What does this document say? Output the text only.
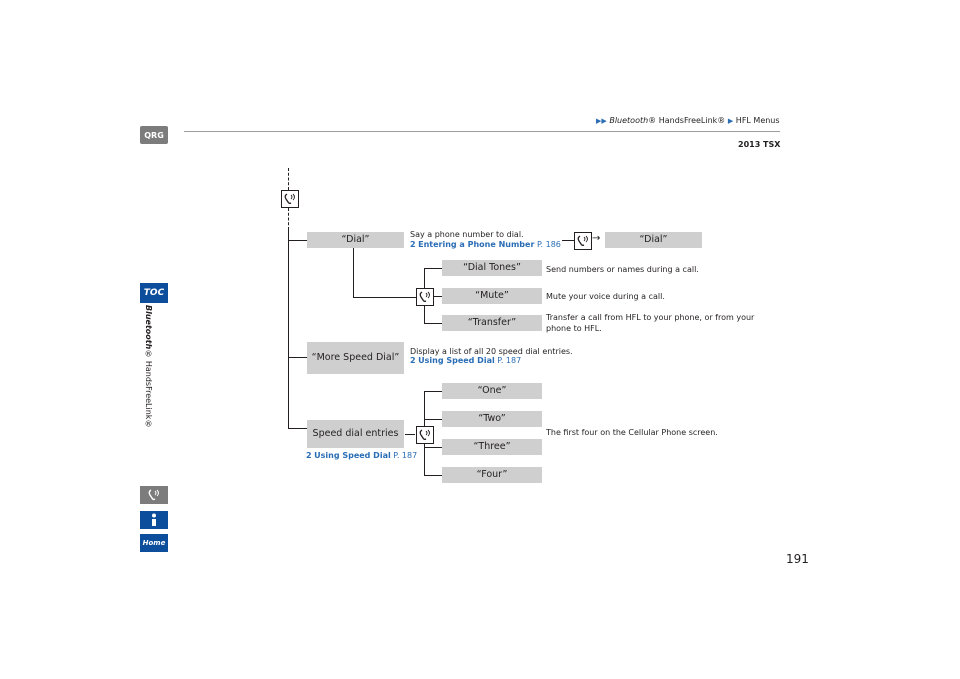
▶▶ Bluetooth® HandsFreeLink® ▶ HFL Menus
2013 TSX
QRG
TOC
Bluetooth® HandsFreeLink®
Home
191
→
“Dial”	“Dial”
“Dial Tones”
“Mute”
“Transfer”
“More Speed Dial”
Speed dial entries
“One”
“Two”
“Three”
“Four”
Say a phone number to dial.
2 Entering a Phone Number P. 186
Send numbers or names during a call.
Mute your voice during a call.
Transfer a call from HFL to your phone, or from your phone to HFL.
Display a list of all 20 speed dial entries.
2 Using Speed Dial P. 187
2 Using Speed Dial P. 187
The first four on the Cellular Phone screen.
